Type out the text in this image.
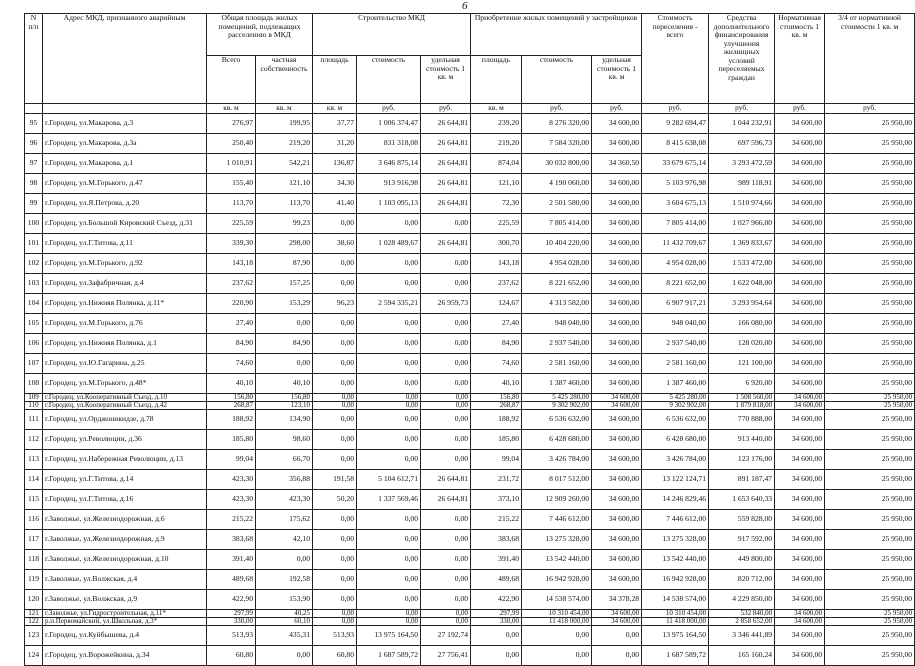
6
N п/п	Адрес МКД, признанного аварийным	Общая площадь жилых помещений, подлежащих расселению в МКД		Строительство МКД			Приобретение жилых помещений у застройщиков			Стоимость переселения - всего	Средства дополнительного финансирования улучшения жилищных условий переселяемых граждан	Нормативная стоимость 1 кв. м	3/4 от нормативной стоимости 1 кв. м
		Всего	частная собственность	площадь	стоимость	удельная стоимость 1 кв. м	площадь	стоимость	удельная стоимость 1 кв. м				
		кв. м	кв. м	кв. м	руб.	руб.	кв. м	руб.	руб.	руб.	руб.	руб.	руб.
95	г.Городец, ул.Макарова, д.3	276,97	199,95	37,77	1 006 374,47	26 644,81	239,20	8 276 320,00	34 600,00	9 282 694,47	1 044 232,91	34 600,00	25 950,00
96	г.Городец, ул.Макарова, д.3а	250,40	219,20	31,20	831 318,08	26 644,81	219,20	7 584 320,00	34 600,00	8 415 638,08	697 596,73	34 600,00	25 950,00
97	г.Городец, ул.Макарова, д.1	1 010,91	542,21	136,87	3 646 875,14	26 644,81	874,04	30 032 800,00	34 360,50	33 679 675,14	3 293 472,59	34 600,00	25 950,00
98	г.Городец, ул.М.Горького, д.47	155,40	121,10	34,30	913 916,98	26 644,81	121,10	4 190 060,00	34 600,00	5 103 976,98	989 118,91	34 600,00	25 950,00
99	г.Городец, ул.Я.Петрова, д.20	113,70	113,70	41,40	1 103 095,13	26 644,81	72,30	2 501 580,00	34 600,00	3 604 675,13	1 510 974,66	34 600,00	25 950,00
100	г.Городец, ул.Большой Кировский Съезд, д.31	225,59	99,23	0,00	0,00	0,00	225,59	7 805 414,00	34 600,00	7 805 414,00	1 027 966,00	34 600,00	25 950,00
101	г.Городец, ул.Г.Титова, д.11	339,30	298,00	38,60	1 028 489,67	26 644,81	300,70	10 404 220,00	34 600,00	11 432 709,67	1 369 833,67	34 600,00	25 950,00
102	г.Городец, ул.М.Горького, д.92	143,18	87,90	0,00	0,00	0,00	143,18	4 954 028,00	34 600,00	4 954 028,00	1 533 472,00	34 600,00	25 950,00
103	г.Городец, ул.Зафабричная, д.4	237,62	157,25	0,00	0,00	0,00	237,62	8 221 652,00	34 600,00	8 221 652,00	1 622 048,00	34 600,00	25 950,00
104	г.Городец, ул.Нижняя Полянка, д.11*	220,90	153,29	96,23	2 594 335,21	26 959,73	124,67	4 313 582,00	34 600,00	6 907 917,21	3 293 954,64	34 600,00	25 950,00
105	г.Городец, ул.М.Горького, д.76	27,40	0,00	0,00	0,00	0,00	27,40	948 040,00	34 600,00	948 040,00	166 080,00	34 600,00	25 950,00
106	г.Городец, ул.Нижняя Полянка, д.1	84,90	84,90	0,00	0,00	0,00	84,90	2 937 540,00	34 600,00	2 937 540,00	128 020,00	34 600,00	25 950,00
107	г.Городец, ул.Ю.Гагарина, д.25	74,60	0,00	0,00	0,00	0,00	74,60	2 581 160,00	34 600,00	2 581 160,00	121 100,00	34 600,00	25 950,00
108	г.Городец, ул.М.Горького, д.48*	40,10	40,10	0,00	0,00	0,00	40,10	1 387 460,00	34 600,00	1 387 460,00	6 920,00	34 600,00	25 950,00
109	г.Городец, ул.Кооперативный Съезд, д.10	156,80	156,80	0,00	0,00	0,00	156,80	5 425 280,00	34 600,00	5 425 280,00	1 508 560,00	34 600,00	25 950,00
110	г.Городец, ул.Кооперативный Съезд, д.42	268,87	123,10	0,00	0,00	0,00	268,87	9 302 902,00	34 600,00	9 302 902,00	1 879 818,00	34 600,00	25 950,00
111	г.Городец, ул.Орджоникидзе, д.78	188,92	134,90	0,00	0,00	0,00	188,92	6 536 632,00	34 600,00	6 536 632,00	770 888,00	34 600,00	25 950,00
112	г.Городец, ул.Революции, д.36	185,80	98,60	0,00	0,00	0,00	185,80	6 428 680,00	34 600,00	6 428 680,00	913 440,00	34 600,00	25 950,00
113	г.Городец, ул.Набережная Революции, д.13	99,04	66,70	0,00	0,00	0,00	99,04	3 426 784,00	34 600,00	3 426 784,00	123 176,00	34 600,00	25 950,00
114	г.Городец, ул.Г.Титова, д.14	423,30	356,88	191,58	5 104 612,71	26 644,81	231,72	8 017 512,00	34 600,00	13 122 124,71	891 187,47	34 600,00	25 950,00
115	г.Городец, ул.Г.Титова, д.16	423,30	423,30	50,20	1 337 569,46	26 644,81	373,10	12 909 260,00	34 600,00	14 246 829,46	1 653 640,33	34 600,00	25 950,00
116	г.Заволжье, ул.Железнодорожная, д.6	215,22	175,62	0,00	0,00	0,00	215,22	7 446 612,00	34 600,00	7 446 612,00	559 828,00	34 600,00	25 950,00
117	г.Заволжье, ул.Железнодорожная, д.9	383,68	42,10	0,00	0,00	0,00	383,68	13 275 328,00	34 600,00	13 275 328,00	917 592,00	34 600,00	25 950,00
118	г.Заволжье, ул.Железнодорожная, д.10	391,40	0,00	0,00	0,00	0,00	391,40	13 542 440,00	34 600,00	13 542 440,00	449 800,00	34 600,00	25 950,00
119	г.Заволжье, ул.Волжская, д.4	489,68	192,58	0,00	0,00	0,00	489,68	16 942 928,00	34 600,00	16 942 928,00	820 712,00	34 600,00	25 950,00
120	г.Заволжье, ул.Волжская, д.9	422,90	153,90	0,00	0,00	0,00	422,90	14 538 574,00	34 378,28	14 538 574,00	4 229 850,00	34 600,00	25 950,00
121	г.Заволжье, ул.Гидростроительная, д.11*	297,99	40,25	0,00	0,00	0,00	297,99	10 310 454,00	34 600,00	10 310 454,00	532 840,00	34 600,00	25 950,00
122	р.п.Первомайский, ул.Школьная, д.3*	330,00	60,10	0,00	0,00	0,00	330,00	11 418 000,00	34 600,00	11 418 000,00	2 858 652,00	34 600,00	25 950,00
123	г.Городец, ул.Куйбышева, д.4	513,93	435,31	513,93	13 975 164,50	27 192,74	0,00	0,00	0,00	13 975 164,50	3 346 441,89	34 600,00	25 950,00
124	г.Городец, ул.Ворожейкина, д.34	60,80	0,00	60,80	1 687 589,72	27 756,41	0,00	0,00	0,00	1 687 589,72	165 160,24	34 600,00	25 950,00
